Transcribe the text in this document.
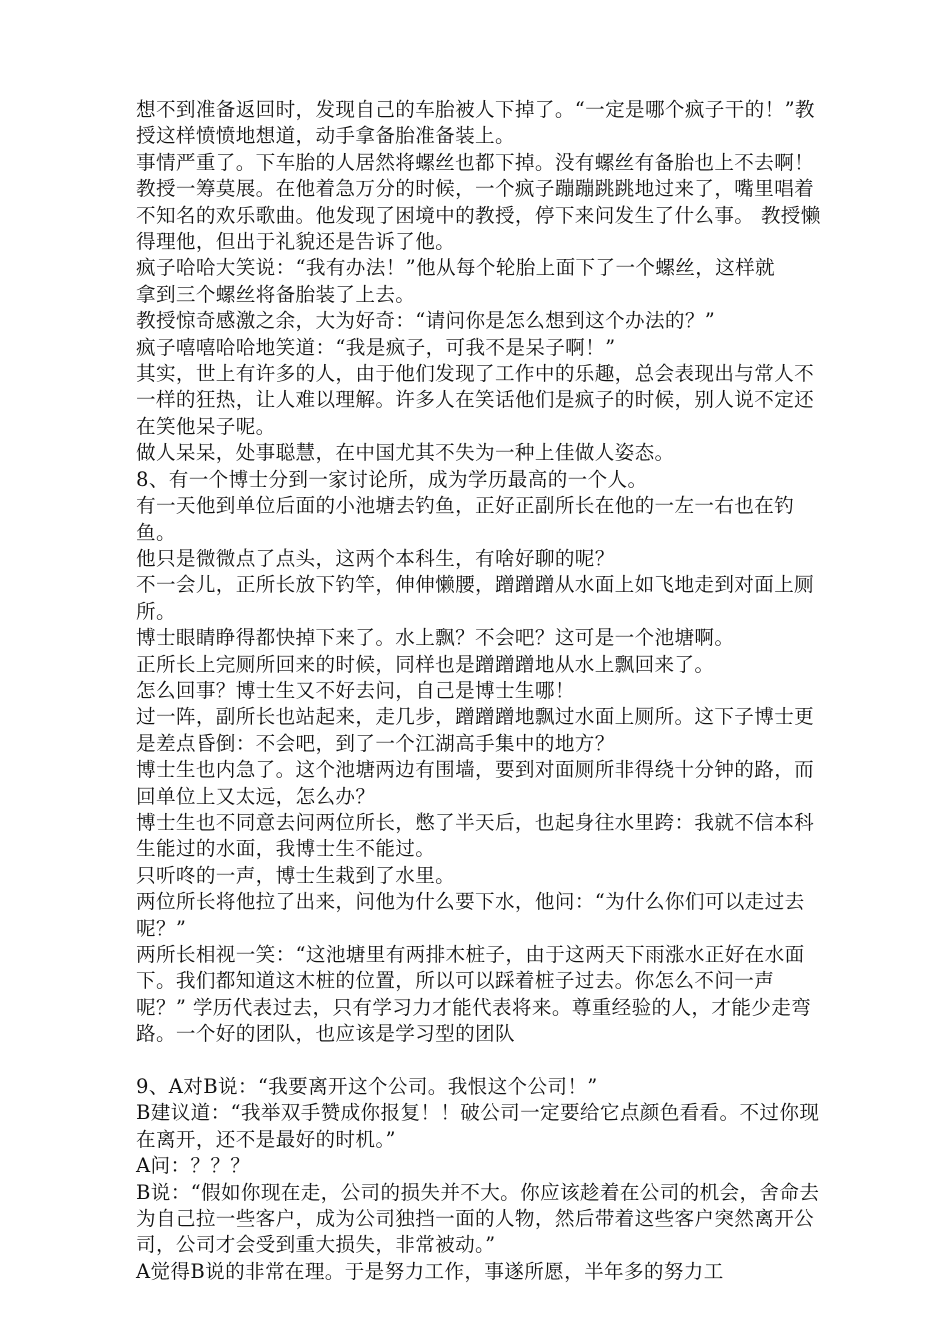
想不到准备返回时，发现自己的车胎被人下掉了。“一定是哪个疯子干的！”教授这样愤愤地想道，动手拿备胎准备装上。

事情严重了。下车胎的人居然将螺丝也都下掉。没有螺丝有备胎也上不去啊！ 教授一筹莫展。在他着急万分的时候，一个疯子蹦蹦跳跳地过来了，嘴里唱着不知名的欢乐歌曲。他发现了困境中的教授，停下来问发生了什么事。 教授懒得理他，但出于礼貌还是告诉了他。

疯子哈哈大笑说：“我有办法！”他从每个轮胎上面下了一个螺丝，这样就

拿到三个螺丝将备胎装了上去。

教授惊奇感激之余，大为好奇：“请问你是怎么想到这个办法的？”

疯子嘻嘻哈哈地笑道：“我是疯子，可我不是呆子啊！”

其实，世上有许多的人，由于他们发现了工作中的乐趣，总会表现出与常人不一样的狂热，让人难以理解。许多人在笑话他们是疯子的时候，别人说不定还在笑他呆子呢。

做人呆呆，处事聪慧，在中国尤其不失为一种上佳做人姿态。

8、有一个博士分到一家讨论所，成为学历最高的一个人。

有一天他到单位后面的小池塘去钓鱼，正好正副所长在他的一左一右也在钓鱼。

他只是微微点了点头，这两个本科生，有啥好聊的呢？

不一会儿，正所长放下钓竿，伸伸懒腰，蹭蹭蹭从水面上如飞地走到对面上厕所。

博士眼睛睁得都快掉下来了。水上飘？不会吧？这可是一个池塘啊。

正所长上完厕所回来的时候，同样也是蹭蹭蹭地从水上飘回来了。

怎么回事？博士生又不好去问，自己是博士生哪！

过一阵，副所长也站起来，走几步，蹭蹭蹭地飘过水面上厕所。这下子博士更是差点昏倒：不会吧，到了一个江湖高手集中的地方？

博士生也内急了。这个池塘两边有围墙，要到对面厕所非得绕十分钟的路，而回单位上又太远，怎么办？

博士生也不同意去问两位所长，憋了半天后，也起身往水里跨：我就不信本科生能过的水面，我博士生不能过。

只听咚的一声，博士生栽到了水里。

两位所长将他拉了出来，问他为什么要下水，他问：“为什么你们可以走过去呢？”

两所长相视一笑：“这池塘里有两排木桩子，由于这两天下雨涨水正好在水面下。我们都知道这木桩的位置，所以可以踩着桩子过去。你怎么不问一声呢？” 学历代表过去，只有学习力才能代表将来。尊重经验的人，才能少走弯路。一个好的团队，也应该是学习型的团队

9、A对B说：“我要离开这个公司。我恨这个公司！”

B建议道：“我举双手赞成你报复！！破公司一定要给它点颜色看看。不过你现在离开，还不是最好的时机。”

A问：？？？

B说：“假如你现在走，公司的损失并不大。你应该趁着在公司的机会，舍命去为自己拉一些客户，成为公司独挡一面的人物，然后带着这些客户突然离开公司，公司才会受到重大损失，非常被动。”

A觉得B说的非常在理。于是努力工作，事遂所愿，半年多的努力工
